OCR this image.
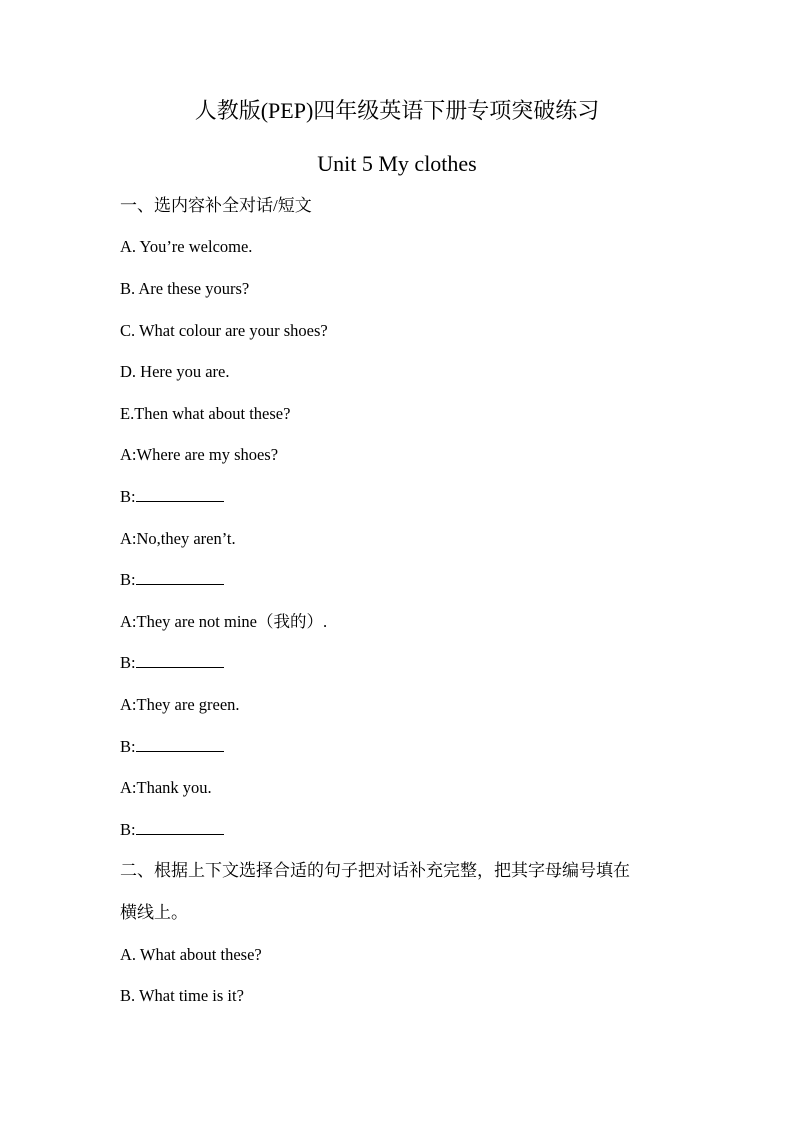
人教版(PEP)四年级英语下册专项突破练习
Unit 5 My clothes
一、选内容补全对话/短文
A. You’re welcome.
B. Are these yours?
C. What colour are your shoes?
D. Here you are.
E.Then what about these?
A:Where are my shoes?
B:
A:No,they aren’t.
B:
A:They are not mine（我的）.
B:
A:They are green.
B:
A:Thank you.
B:
二、根据上下文选择合适的句子把对话补充完整，把其字母编号填在
横线上。
A. What about these?
B. What time is it?
